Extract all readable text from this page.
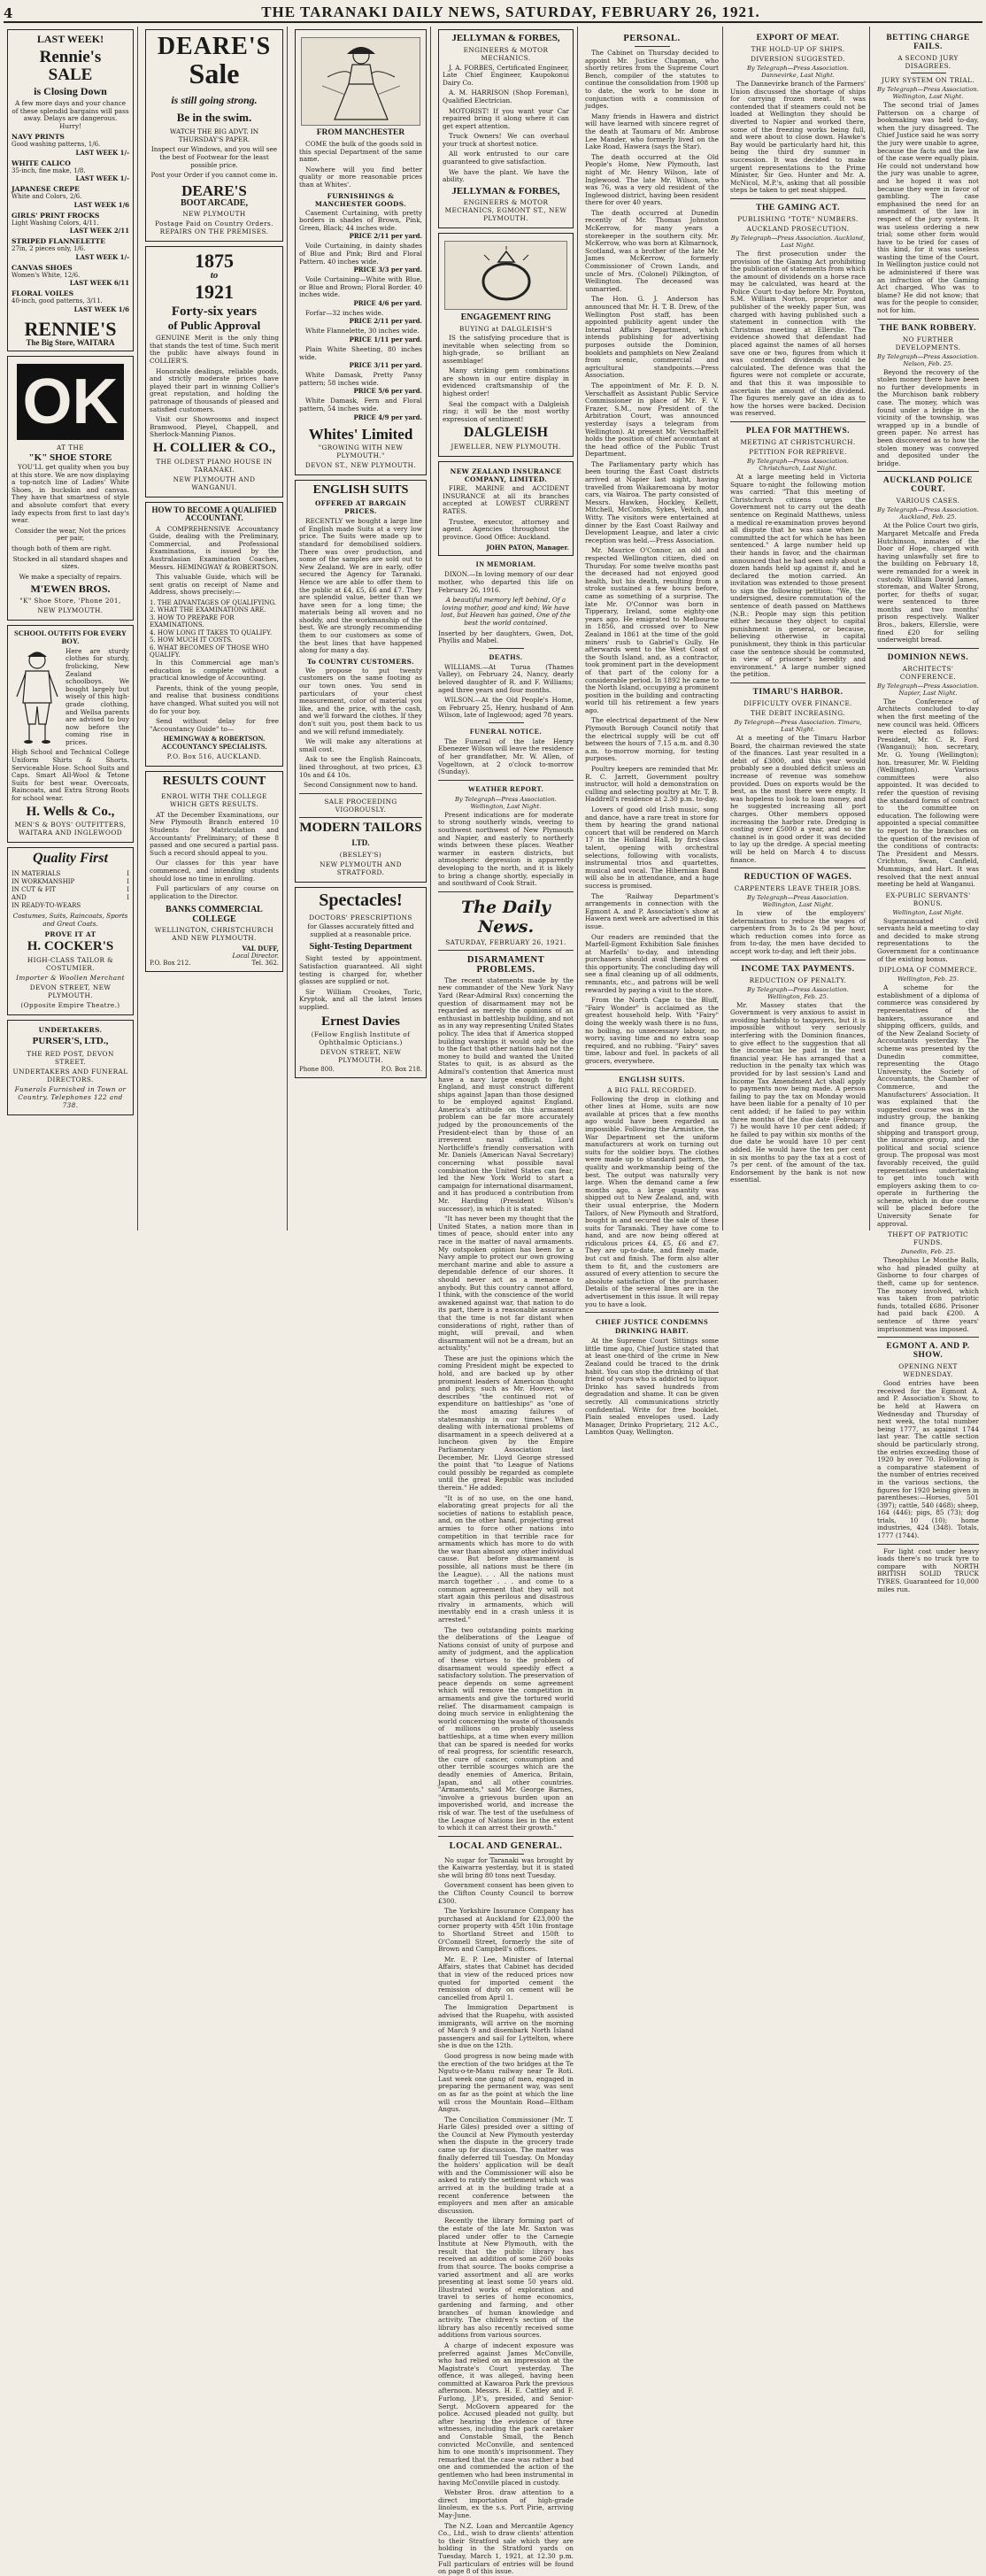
4	THE TARANAKI DAILY NEWS, SATURDAY, FEBRUARY 26, 1921.
LAST WEEK!
Rennie's
SALE
is Closing Down
A few more days and your chance of these splendid bargains will pass away. Delays are dangerous. Hurry!
NAVY PRINTS
Good washing patterns, 1/6.
LAST WEEK 1/-
WHITE CALICO
35-inch, fine make, 1/8.
LAST WEEK 1/-
JAPANESE CREPE
White and Colors, 2/6.
LAST WEEK 1/6
GIRLS' PRINT FROCKS
Light Washing Colors, 4/11.
LAST WEEK 2/11
STRIPED FLANNELETTE
27in, 2 pieces only, 1/6.
LAST WEEK 1/-
CANVAS SHOES
Women's White, 12/6.
LAST WEEK 6/11
FLORAL VOILES
40-inch, good patterns, 3/11.
LAST WEEK 1/6
RENNIE'S
The Big Store, WAITARA
OK
AT THE
"K" SHOE STORE
YOU'LL get quality when you buy at this store. We are now displaying a top-notch line of Ladies' White Shoes, in buckskin and canvas. They have that smartness of style and absolute comfort that every lady expects from first to last day's wear.
Consider the wear, Not the prices per pair,
though both of them are right.
Stocked in all standard shapes and sizes.
We make a specialty of repairs.
M'EWEN BROS.
"K" Shoe Store, 'Phone 201,
NEW PLYMOUTH.
SCHOOL OUTFITS FOR EVERY BOY.
Here are sturdy clothes for sturdy, frolicking, New Zealand schoolboys. We bought largely but wisely of this high-grade clothing, and Wellsa parents are advised to buy now before the coming rise in prices.
High School and Technical College Uniform Shirts & Shorts. Serviceable Hose. School Suits and Caps. Smart All-Wool & Tetone Suits for best wear. Overcoats, Raincoats, and Extra Strong Boots for school wear.
H. Wells & Co.,
MEN'S & BOYS' OUTFITTERS, WAITARA AND INGLEWOOD
Quality First
IN MATERIALS	I
IN WORKMANSHIP	I
IN CUT & FIT	I
AND	I
IN READY-TO-WEARS
Costumes, Suits, Raincoats, Sports and Great Coats.
PROVE IT AT
H. COCKER'S
HIGH-CLASS TAILOR & COSTUMIER.
Importer & Woollen Merchant
DEVON STREET, NEW PLYMOUTH.
(Opposite Empire Theatre.)
UNDERTAKERS.
PURSER'S, LTD.,
THE RED POST, DEVON STREET.
UNDERTAKERS AND FUNERAL DIRECTORS.
Funerals Furnished in Town or Country. Telephones 122 and 738.
DEARE'S
Sale
is still going strong.
Be in the swim.
WATCH THE BIG ADVT. IN THURSDAY'S PAPER.
Inspect our Windows, and you will see the best of Footwear for the least possible price.
Post your Order if you cannot come in.
DEARE'S
BOOT ARCADE,
NEW PLYMOUTH
Postage Paid on Country Orders. REPAIRS ON THE PREMISES.
1875
to
1921
Forty-six years
of Public Approval
GENUINE Merit is the only thing that stands the test of time. Such merit the public have always found in COLLIER'S.
Honorable dealings, reliable goods, and strictly moderate prices have played their part in winning Collier's great reputation, and holding the patronage of thousands of pleased and satisfied customers.
Visit our Showrooms and inspect Bramwood, Pleyel, Chappell, and Sherlock-Manning Pianos.
H. COLLIER & CO.,
THE OLDEST PIANO HOUSE IN TARANAKI.
NEW PLYMOUTH AND WANGANUI.
HOW TO BECOME A QUALIFIED ACCOUNTANT.
A COMPREHENSIVE Accountancy Guide, dealing with the Preliminary, Commercial, and Professional Examinations, is issued by the Australasian Examination Coaches, Messrs. HEMINGWAY & ROBERTSON.
This valuable Guide, which will be sent gratis on receipt of Name and Address, shows precisely:—
1. THE ADVANTAGES OF QUALIFYING.
2. WHAT THE EXAMINATIONS ARE.
3. HOW TO PREPARE FOR EXAMINATIONS.
4. HOW LONG IT TAKES TO QUALIFY.
5. HOW MUCH IT COSTS.
6. WHAT BECOMES OF THOSE WHO QUALIFY.
In this Commercial age man's education is complete without a practical knowledge of Accounting.
Parents, think of the young people, and realise that business conditions have changed. What suited you will not do for your boy.
Send without delay for free "Accountancy Guide" to—
HEMINGWAY & ROBERTSON. ACCOUNTANCY SPECIALISTS.
P.O. Box 516, AUCKLAND.
RESULTS COUNT
ENROL WITH THE COLLEGE WHICH GETS RESULTS.
AT the December Examinations, our New Plymouth Branch entered 10 Students for Matriculation and Accountants' Preliminary; of these 8 passed and one secured a partial pass. Such a record should appeal to you.
Our classes for this year have commenced, and intending students should lose no time in enrolling.
Full particulars of any course on application to the Director.
BANKS COMMERCIAL COLLEGE
WELLINGTON, CHRISTCHURCH AND NEW PLYMOUTH.
VAL DUFF,
Local Director.
P.O. Box 212.	Tel. 362.
FROM MANCHESTER
COME the bulk of the goods sold in this special Department of the same name.
Nowhere will you find better quality or more reasonable prices than at Whites'.
FURNISHINGS & MANCHESTER GOODS.
Casement Curtaining, with pretty borders in shades of Brown, Pink, Green, Black; 44 inches wide.
PRICE 2/11 per yard.
Voile Curtaining, in dainty shades of Blue and Pink; Bird and Floral Pattern. 40 inches wide.
PRICE 3/3 per yard.
Voile Curtaining—White with Blue, or Blue and Brown; Floral Border. 40 inches wide.
PRICE 4/6 per yard.
Forfar—32 inches wide.
PRICE 2/11 per yard.
White Flannelette, 30 inches wide.
PRICE 1/11 per yard.
Plain White Sheeting, 80 inches wide.
PRICE 3/11 per yard.
White Damask, Pretty Pansy pattern; 58 inches wide.
PRICE 5/6 per yard.
White Damask, Fern and Floral pattern, 54 inches wide.
PRICE 4/9 per yard.
Whites' Limited
"GROWING WITH NEW PLYMOUTH."
DEVON ST., NEW PLYMOUTH.
ENGLISH SUITS
OFFERED AT BARGAIN PRICES.
RECENTLY we bought a large line of English made Suits at a very low price. The Suits were made up to standard for demobilised soldiers. There was over production, and some of the samples are sold out to New Zealand. We are in early, offer secured the Agency for Taranaki. Hence we are able to offer them to the public at £4, £5, £6 and £7. They are splendid value, better than we have seen for a long time; the materials being all woven and no shoddy, and the workmanship of the best. We are strongly recommending them to our customers as some of the best lines that have happened along for many a day.
To COUNTRY CUSTOMERS.
We propose to put twenty customers on the same footing as our town ones. You send in particulars of your chest measurement, color of material you like, and the price, with the cash, and we'll forward the clothes. If they don't suit you, post them back to us and we will refund immediately.
We will make any alterations at small cost.
Ask to see the English Raincoats, lined throughout, at two prices, £3 10s and £4 10s.
Second Consignment now to hand.
SALE PROCEEDING VIGOROUSLY.
MODERN TAILORS LTD.
(BESLEY'S)
NEW PLYMOUTH AND STRATFORD.
Spectacles!
DOCTORS' PRESCRIPTIONS
for Glasses accurately fitted and supplied at a reasonable price.
Sight-Testing Department
Sight tested by appointment. Satisfaction guaranteed. All sight testing is charged for, whether glasses are supplied or not.
Sir William Crookes, Toric, Kryptok, and all the latest lenses supplied.
Ernest Davies
(Fellow English Institute of Ophthalmic Opticians.)
DEVON STREET, NEW PLYMOUTH.
Phone 800.	P.O. Box 218.
JELLYMAN & FORBES,
ENGINEERS & MOTOR MECHANICS.
J. A. FORBES, Certificated Engineer, Late Chief Engineer, Kaupokonui Dairy Co.
A. M. HARRISON (Shop Foreman), Qualified Electrician.
MOTORIST! If you want your Car repaired bring it along where it can get expert attention.
Truck Owners! We can overhaul your truck at shortest notice.
All work entrusted to our care guaranteed to give satisfaction.
We have the plant. We have the ability.
JELLYMAN & FORBES,
ENGINEERS & MOTOR MECHANICS, EGMONT ST., NEW PLYMOUTH.
ENGAGEMENT RING
BUYING at DALGLEISH'S
IS the satisfying procedure that is inevitable when selecting from so high-grade, so brilliant an assemblage!
Many striking gem combinations are shown in our entire display in evidenced craftsmanship of the highest order!
Seal the compact with a Dalgleish ring; it will be the most worthy expression of sentiment!
DALGLEISH
JEWELLER, NEW PLYMOUTH.
NEW ZEALAND INSURANCE COMPANY, LIMITED.
FIRE, MARINE and ACCIDENT INSURANCE at all its branches accepted at LOWEST CURRENT RATES.
Trustee, executor, attorney and agent. Agencies throughout the province. Good Office: Auckland.
JOHN PATON, Manager.
IN MEMORIAM.
DIXON.—In loving memory of our dear mother, who departed this life on February 26, 1916.
A beautiful memory left behind, Of a loving mother, good and kind; We have lost, but Heaven has gained, One of the best the world contained.
Inserted by her daughters, Gwen, Dot, Phyllis and Mabel.
DEATHS.
WILLIAMS.—At Turua (Thames Valley), on February 24, Nancy, dearly beloved daughter of R. and F. Williams; aged three years and four months.
WILSON.—At the Old People's Home, on February 25, Henry, husband of Ann Wilson, late of Inglewood; aged 78 years.
FUNERAL NOTICE.
The Funeral of the late Henry Ebenezer Wilson will leave the residence of her grandfather, Mr. W. Allen, of Vogeltown, at 2 o'clock to-morrow (Sunday).
WEATHER REPORT.
By Telegraph—Press Association. Wellington, Last Night.
Present indications are for moderate to strong southerly winds, veering to southwest northwest of New Plymouth and Napier, and easterly to northerly winds between these places. Weather warmer in eastern districts, but atmospheric depression is apparently developing to the north, and it is likely to bring a change shortly, especially in and southward of Cook Strait.
The Daily News.
SATURDAY, FEBRUARY 26, 1921.
DISARMAMENT PROBLEMS.
The recent statements made by the new commander of the New York Navy Yard (Rear-Admiral Rux) concerning the question of disarmament may not be regarded as merely the opinions of an enthusiast in battleship building, and not as in any way representing United States policy. The idea that if America stopped building warships it would only be due to the fact that other nations had not the money to build and wanted the United States to quit, is as absurd as the Admiral's contention that America must have a navy large enough to fight England, and must construct different ships against Japan than those designed to be employed against England. America's attitude on this armament problem can be far more accurately judged by the pronouncements of the President-elect than by those of an irreverent naval official. Lord Northcliffe's friendly conversation with Mr. Daniels (American Naval Secretary) concerning what possible naval combination the United States can fear, led the New York World to start a campaign for international disarmament, and it has produced a contribution from Mr. Harding (President Wilson's successor), in which it is stated:
"It has never been my thought that the United States, a nation more than in times of peace, should enter into any race in the matter of naval armaments. My outspoken opinion has been for a Navy ample to protect our own growing merchant marine and able to assure a dependable defence of our shores. It should never act as a menace to anybody. But this country cannot afford, I think, with the conscience of the world awakened against war, that nation to do its part, there is a reasonable assurance that the time is not far distant when considerations of right, rather than of might, will prevail, and when disarmament will not be a dream, but an actuality."
These are just the opinions which the coming President might be expected to hold, and are backed up by other prominent leaders of American thought and policy, such as Mr. Hoover, who describes "the continued riot of expenditure on battleships" as "one of the most amazing failures of statesmanship in our times." When dealing with international problems of disarmament in a speech delivered at a luncheon given by the Empire Parliamentary Association last December, Mr. Lloyd George stressed the point that "to League of Nations could possibly be regarded as complete until the great Republic was included therein." He added:
"It is of no use, on the one hand, elaborating great projects for all the societies of nations to establish peace, and, on the other hand, projecting great armies to force other nations into competition in that terrible race for armaments which has more to do with the war than almost any other individual cause. But before disarmament is possible, all nations must be there (in the League). . . All the nations must march together . . . and come to a common agreement that they will not start again this perilous and disastrous rivalry in armaments, which will inevitably end in a crash unless it is arrested."
The two outstanding points marking the deliberations of the League of Nations consist of unity of purpose and amity of judgment, and the application of these virtues to the problem of disarmament would speedily effect a satisfactory solution. The preservation of peace depends on some agreement which will remove the competition in armaments and give the tortured world relief. The disarmament campaign is doing much service in enlightening the world concerning the waste of thousands of millions on probably useless battleships, at a time when every million that can be spared is needed for works of real progress, for scientific research, the cure of cancer, consumption and other terrible scourges which are the deadly enemies of America, Britain, Japan, and all other countries. "Armaments," said Mr. George Barnes, "involve a grievous burden upon an impoverished world, and increase the risk of war. The test of the usefulness of the League of Nations lies in the extent to which it can arrest their growth."
LOCAL AND GENERAL.
No sugar for Taranaki was brought by the Kaiwarra yesterday, but it is stated she will bring 80 tons next Tuesday.
Government consent has been given to the Clifton County Council to borrow £300.
The Yorkshire Insurance Company has purchased at Auckland for £23,000 the corner property with 45ft 10in frontage to Shortland Street and 150ft to O'Connell Street, formerly the site of Brown and Campbell's offices.
Mr. E. P. Lee, Minister of Internal Affairs, states that Cabinet has decided that in view of the reduced prices now quoted for imported cement the remission of duty on cement will be cancelled from April 1.
The Immigration Department is advised that the Ruapehu, with assisted immigrants, will arrive on the morning of March 9 and disembark North Island passengers and sail for Lyttelton, where she is due on the 12th.
Good progress is now being made with the erection of the two bridges at the Te Ngutu-o-te-Manu railway near Te Roti. Last week one gang of men, engaged in preparing the permanent way, was sent on as far as the point at which the line will cross the Mountain Road—Eltham Angus.
The Conciliation Commissioner (Mr. T. Harle Giles) presided over a sitting of the Council at New Plymouth yesterday when the dispute in the grocery trade came up for discussion. The matter was finally deferred till Tuesday. On Monday the holders' application will be dealt with and the Commissioner will also be asked to ratify the settlement which was arrived at in the building trade at a recent conference between the employers and men after an amicable discussion.
Recently the library forming part of the estate of the late Mr. Saxton was placed under offer to the Carnegie Institute at New Plymouth, with the result that the public library has received an addition of some 260 books from that source. The books comprise a varied assortment and all are works presenting at least some 50 years old. Illustrated works of exploration and travel to series of home economics, gardening and farming, and other branches of human knowledge and activity. The children's section of the library has also recently received some additions from various sources.
A charge of indecent exposure was preferred against James McConville, who had relied on an impression at the Magistrate's Court yesterday. The offence, it was alleged, having been committed at Kawaroa Park the previous afternoon. Messrs. H. E. Cattley and F. Furlong, J.P.'s, presided, and Senior-Sergt. McGovern appeared for the police. Accused pleaded not guilty, but after hearing the evidence of three witnesses, including the park caretaker and Constable Small, the Bench convicted McConville, and sentenced him to one month's imprisonment. They remarked that the case was rather a bad one and commended the action of the gentlemen who had been instrumental in having McConville placed in custody.
Webster Bros. draw attention to a direct importation of high-grade linoleum, ex the s.s. Port Pirie, arriving May-June.
The N.Z. Loan and Mercantile Agency Co., Ltd., wish to draw clients' attention to their Stratford sale which they are holding in the Stratford yards on Tuesday, March 1, 1921, at 12.30 p.m. Full particulars of entries will be found on page 8 of this issue.
PERSONAL.
The Cabinet on Thursday decided to appoint Mr. Justice Chapman, who shortly retires from the Supreme Court Bench, compiler of the statutes to continue the consolidation from 1908 up to date, the work to be done in conjunction with a commission of judges.
Many friends in Hawera and district will have learned with sincere regret of the death at Taumaru of Mr. Ambrose Lee Mander, who formerly lived on the Lake Road, Hawera (says the Star).
The death occurred at the Old People's Home, New Plymouth, last night of Mr. Henry Wilson, late of Inglewood. The late Mr. Wilson, who was 76, was a very old resident of the Inglewood district, having been resident there for over 40 years.
The death occurred at Dunedin recently of Mr. Thomas Johnston McKerrow, for many years a storekeeper in the southern city. Mr. McKerrow, who was born at Kilmarnock, Scotland, was a brother of the late Mr. James McKerrow, formerly Commissioner of Crown Lands, and uncle of Mrs. (Colonel) Pilkington, of Wellington. The deceased was unmarried.
The Hon. G. J. Anderson has announced that Mr. H. T. B. Drew, of the Wellington Post staff, has been appointed publicity agent under the Internal Affairs Department, which intends publishing for advertising purposes outside the Dominion, booklets and pamphlets on New Zealand from scenic, commercial and agricultural standpoints.—Press Association.
The appointment of Mr. F. D. N. Verschaffelt as Assistant Public Service Commissioner in place of Mr. F. V. Frazer, S.M., now President of the Arbitration Court, was announced yesterday (says a telegram from Wellington). At present Mr. Verschaffelt holds the position of chief accountant at the head office of the Public Trust Department.
The Parliamentary party which has been touring the East Coast districts arrived at Napier last night, having travelled from Waikaremoana by motor cars, via Wairoa. The party consisted of Messrs. Hawken, Hockley, Kellett, Mitchell, McCombs, Sykes, Veitch, and Witty. The visitors were entertained at dinner by the East Coast Railway and Development League, and later a civic reception was held.—Press Association.
Mr. Maurice O'Connor, an old and respected Wellington citizen, died on Thursday. For some twelve months past the deceased had not enjoyed good health, but his death, resulting from a stroke sustained a few hours before, came as something of a surprise. The late Mr. O'Connor was born in Tipperary, Ireland, some eighty-one years ago. He emigrated to Melbourne in 1856, and crossed over to New Zealand in 1861 at the time of the gold miners' rush to Gabriel's Gully. He afterwards went to the West Coast of the South Island, and, as a contractor, took prominent part in the development of that part of the colony for a considerable period. In 1892 he came to the North Island, occupying a prominent position in the building and contracting world till his retirement a few years ago.
The electrical department of the New Plymouth Borough Council notify that the electrical supply will be cut off between the hours of 7.15 a.m. and 8.30 a.m. to-morrow morning, for testing purposes.
Poultry keepers are reminded that Mr. R. C. Jarrett, Government poultry instructor, will hold a demonstration on culling and selecting poultry at Mr. T. B. Haddrell's residence at 2.30 p.m. to-day.
Lovers of good old Irish music, song and dance, have a rare treat in store for them by hearing the grand national concert that will be rendered on March 17 in the Holland Hall, by first-class talent, opening with orchestral selections, following with vocalists, instrumental trios and quartettes, musical and vocal. The Hibernian Band will also be in attendance, and a huge success is promised.
The 'Railway Department's arrangements in connection with the Egmont A. and P. Association's show at Hawera next week are advertised in this issue.
Our readers are reminded that the Marfell-Egmont Exhibition Sale finishes at Marfells' to-day, and intending purchasers should avail themselves of this opportunity. The concluding day will see a final cleaning up of all oddments, remnants, etc., and patrons will be well rewarded by paying a visit to the store.
From the North Cape to the Bluff, "Fairy Wonder" is acclaimed as the greatest household help. With "Fairy" doing the weekly wash there is no fuss, no boiling, no unnecessary labour, no worry, saving time and no extra soap required, and no rubbing. "Fairy" saves time, labour and fuel. In packets of all grocers, everywhere.
ENGLISH SUITS.
A BIG FALL RECORDED.
Following the drop in clothing and other lines at Home, suits are now available at prices that a few months ago would have been regarded as impossible. Following the Armistice, the War Department set the uniform manufacturers at work on turning out suits for the soldier boys. The clothes were made up to standard pattern, the quality and workmanship being of the best. The output was naturally very large. When the demand came a few months ago, a large quantity was shipped out to New Zealand, and, with their usual enterprise, the Modern Tailors, of New Plymouth and Stratford, bought in and secured the sale of these suits for Taranaki. They have come to hand, and are now being offered at ridiculous prices £4, £5, £6 and £7. They are up-to-date, and finely made, but cut and finish. The form also alter them to fit, and the customers are assured of every attention to secure the absolute satisfaction of the purchaser. Details of the several lines are in the advertisement in this issue. It will repay you to have a look.
CHIEF JUSTICE CONDEMNS DRINKING HABIT.
At the Supreme Court Sittings some little time ago, Chief Justice stated that at least one-third of the crime in New Zealand could be traced to the drink habit. You can stop the drinking of that friend of yours who is addicted to liquor. Drinko has saved hundreds from degradation and shame. It can be given secretly. All communications strictly confidential. Write for free booklet. Plain sealed envelopes used. Lady Manager, Drinko Proprietary, 212 A.C., Lambton Quay, Wellington.
BETTING CHARGE FAILS.
A SECOND JURY DISAGREES.
JURY SYSTEM ON TRIAL.
By Telegraph—Press Association. Wellington, Last Night.
The second trial of James Patterson on a charge of bookmaking was held to-day, when the jury disagreed. The Chief Justice said he was sorry the jury were unable to agree, because the facts and the law of the case were equally plain. He could not understand how the jury was unable to agree, and he hoped it was not because they were in favor of gambling. The case emphasised the need for an amendment of the law in respect of the jury system. It was useless ordering a new trial; some other form would have to be tried for cases of this kind, for it was useless wasting the time of the Court. In Wellington justice could not be administered if there was an infraction of the Gaming Act charged. Who was to blame? He did not know; that was for the people to consider, not for him.
THE BANK ROBBERY.
NO FURTHER DEVELOPMENTS.
By Telegraph—Press Association. Nelson, Feb. 25.
Beyond the recovery of the stolen money there have been no further developments in the Murchison bank robbery case. The money, which was found under a bridge in the vicinity of the township, was wrapped up in a bundle of green paper. No arrest has been discovered as to how the stolen money was conveyed and deposited under the bridge.
AUCKLAND POLICE COURT.
VARIOUS CASES.
By Telegraph—Press Association. Auckland, Feb. 25.
At the Police Court two girls, Margaret Metcalfe and Freda Hutchinson, inmates of the Door of Hope, charged with having unlawfully set fire to the building on February 18, were remanded for a week in custody. William David James, storeman, and Walter Strong, porter, for thefts of sugar, were sentenced to three months and two months' prison respectively. Walker Bros., bakers, Ellerslie, were fined £20 for selling underweight bread.
DOMINION NEWS.
ARCHITECTS' CONFERENCE.
By Telegraph—Press Association. Napier, Last Night.
The Conference of Architects concluded to-day when the first meeting of the new council was held. Officers were elected as follows: President, Mr. C. R. Ford (Wanganui); hon. secretary, Mr. G. Young (Wellington); hon. treasurer, Mr. W. Fielding (Wellington). Various committees were also appointed. It was decided to refer the question of revising the standard forms of contract to the committee on education. The following were appointed a special committee to report to the branches on the question of the revision of the conditions of contracts: The President and Messrs. Crichton, Swan, Canfield, Mummings, and Hart. It was resolved that the next annual meeting be held at Wanganui.
EX-PUBLIC SERVANTS' BONUS.
Wellington, Last Night.
Superannuated civil servants held a meeting to-day and decided to make strong representations to the Government for a continuance of the existing bonus.
DIPLOMA OF COMMERCE.
Wellington, Feb. 25.
A scheme for the establishment of a diploma of commerce was considered by representatives of the bankers, assurance and shipping officers, guilds, and of the New Zealand Society of Accountants yesterday. The scheme was presented by the Dunedin committee, representing the Otago University, the Society of Accountants, the Chamber of Commerce, and the Manufacturers' Association. It was explained that the suggested course was in the industry group, the banking and finance group, the shipping and transport group, the insurance group, and the political and social science group. The proposal was most favorably received, the guild representatives undertaking to get into touch with employers asking them to co-operate in furthering the scheme, which in due course will be placed before the University Senate for approval.
THEFT OF PATRIOTIC FUNDS.
Dunedin, Feb. 25.
Theophilus Le Monthe Balls, who had pleaded guilty at Gisborne to four charges of theft, came up for sentence. The money involved, which was taken from patriotic funds, totalled £686. Prisoner had paid back £200. A sentence of three years' imprisonment was imposed.
EGMONT A. AND P. SHOW.
OPENING NEXT WEDNESDAY.
Good entries have been received for the Egmont A. and P. Association's Show, to be held at Hawera on Wednesday and Thursday of next week, the total number being 1777, as against 1744 last year. The cattle section should be particularly strong, the entries exceeding those of 1920 by over 70. Following is a comparative statement of the number of entries received in the various sections, the figures for 1920 being given in parentheses:—Horses, 501 (397); cattle, 540 (468); sheep, 164 (446); pigs, 85 (73); dog trials, 10 (10); home industries, 424 (348). Totals, 1777 (1744).
For light cost under heavy loads there's no truck tyre to compare with NORTH BRITISH SOLID TRUCK TYRES. Guaranteed for 10,000 miles run.
EXPORT OF MEAT.
THE HOLD-UP OF SHIPS.
DIVERSION SUGGESTED.
By Telegraph—Press Association. Dannevirke, Last Night.
The Dannevirke branch of the Farmers' Union discussed the shortage of ships for carrying frozen meat. It was contended that if steamers could not be loaded at Wellington they should be diverted to Napier and worked there, some of the freezing works being full, and were about to close down. Hawke's Bay would be particularly hard hit, this being the third dry summer in succession. It was decided to make urgent representations to the Prime Minister, Sir Geo. Hunter and Mr. A. McNicol, M.P.'s, asking that all possible steps be taken to get meat shipped.
THE GAMING ACT.
PUBLISHING "TOTE" NUMBERS.
AUCKLAND PROSECUTION.
By Telegraph—Press Association. Auckland, Last Night.
The first prosecution under the provision of the Gaming Act prohibiting the publication of statements from which the amount of dividends on a horse race may be calculated, was heard at the Police Court to-day before Mr. Poynton, S.M. William Norton, proprietor and publisher of the weekly paper Sun, was charged with having published such a statement in connection with the Christmas meeting at Ellerslie. The evidence showed that defendant had placed against the names of all horses save one or two, figures from which it was contended dividends could be calculated. The defence was that the figures were not complete or accurate, and that this it was impossible to ascertain the amount of the dividend. The figures merely gave an idea as to how the horses were backed. Decision was reserved.
PLEA FOR MATTHEWS.
MEETING AT CHRISTCHURCH.
PETITION FOR REPRIEVE.
By Telegraph—Press Association. Christchurch, Last Night.
At a large meeting held in Victoria Square to-night the following motion was carried: "That this meeting of Christchurch citizens urges the Government not to carry out the death sentence on Reginald Matthews, unless a medical re-examination proves beyond all dispute that he was sane when he committed the act for which he has been sentenced." A large number held up their hands in favor, and the chairman announced that he had seen only about a dozen hands held up against it, and he declared the motion carried. An invitation was extended to those present to sign the following petition: "We, the undersigned, desire commutation of the sentence of death passed on Matthews (N.B.: People may sign this petition either because they object to capital punishment in general, or because, believing otherwise in capital punishment, they think in this particular case the sentence should be commuted, in view of prisoner's heredity and environment." A large number signed the petition.
TIMARU'S HARBOR.
DIFFICULTY OVER FINANCE.
THE DEBIT INCREASING.
By Telegraph—Press Association. Timaru, Last Night.
At a meeting of the Timaru Harbor Board, the chairman reviewed the state of the finances. Last year resulted in a debit of £3000, and this year would probably see a doubled deficit unless an increase of revenue was somehow provided. Dues on exports would be the best, as the most there were empty. It was hopeless to look to loan money, and he suggested increasing all port charges. Other members opposed increasing the harbor rate. Dredging is costing over £5000 a year, and so the channel is in good order it was decided to lay up the dredge. A special meeting will be held on March 4 to discuss finance.
REDUCTION OF WAGES.
CARPENTERS LEAVE THEIR JOBS.
By Telegraph—Press Association. Wellington, Last Night.
In view of the employers' determination to reduce the wages of carpenters from 3s to 2s 9d per hour, which reduction comes into force as from to-day, the men have decided to accept work to-day, and left their jobs.
INCOME TAX PAYMENTS.
REDUCTION OF PENALTY.
By Telegraph—Press Association. Wellington, Feb. 25.
Mr. Massey states that the Government is very anxious to assist in avoiding hardship to taxpayers, but it is impossible without very seriously interfering with the Dominion finances, to give effect to the suggestion that all the income-tax be paid in the next financial year. He has arranged that a reduction in the penalty tax which was provided for by last session's Land and Income Tax Amendment Act shall apply to payments now being made. A person failing to pay the tax on Monday would have been liable for a penalty of 10 per cent added; if he failed to pay within three months of the due date (February 7) he would have 10 per cent added; if he failed to pay within six months of the due date he would have 10 per cent added. He would have the ten per cent in six months to pay the tax at a cost of 7s per cent. of the amount of the tax. Endorsement by the bank is not now essential.
